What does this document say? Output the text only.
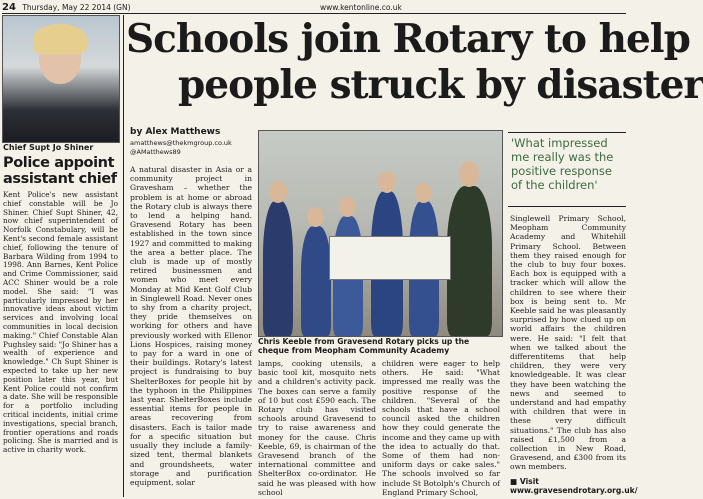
24 Thursday, May 22 2014 (GN)	www.kentonline.co.uk
Chief Supt Jo Shiner
Police appoint assistant chief
Kent Police's new assistant chief constable will be Jo Shiner. Chief Supt Shiner, 42, now chief superintendent of Norfolk Constabulary, will be Kent's second female assistant chief, following the tenure of Barbara Wilding from 1994 to 1998. Ann Barnes, Kent Police and Crime Commissioner, said ACC Shiner would be a role model. She said: "I was particularly impressed by her innovative ideas about victim services and involving local communities in local decision making." Chief Constable Alan Pughsley said: "Jo Shiner has a wealth of experience and knowledge." Ch Supt Shiner is expected to take up her new position later this year, but Kent Police could not confirm a date. She will be responsible for a portfolio including critical incidents, initial crime investigations, special branch, frontier operations and roads policing. She is married and is active in charity work.
Schools join Rotary to help
people struck by disaster
by Alex Matthews
amatthews@thekmgroup.co.uk
@AMatthews89
A natural disaster in Asia or a community project in Gravesham – whether the problem is at home or abroad the Rotary club is always there to lend a helping hand. Gravesend Rotary has been established in the town since 1927 and committed to making the area a better place. The club is made up of mostly retired businessmen and women who meet every Monday at Mid Kent Golf Club in Singlewell Road. Never ones to shy from a charity project, they pride themselves on working for others and have previously worked with Ellenor Lions Hospices, raising money to pay for a ward in one of their buildings. Rotary's latest project is fundraising to buy ShelterBoxes for people hit by the typhoon in the Philippines last year. ShelterBoxes include essential items for people in areas recovering from disasters. Each is tailor made for a specific situation but usually they include a family-sized tent, thermal blankets and groundsheets, water storage and purification equipment, solar
Chris Keeble from Gravesend Rotary picks up the cheque from Meopham Community Academy
lamps, cooking utensils, a basic tool kit, mosquito nets and a children's activity pack. The boxes can serve a family of 10 but cost £590 each. The Rotary club has visited schools around Gravesend to try to raise awareness and money for the cause. Chris Keeble, 69, is chairman of the Gravesend branch of the international committee and ShelterBox co-ordinator. He said he was pleased with how school
children were eager to help others. He said: "What impressed me really was the positive response of the children. "Several of the schools that have a school council asked the children how they could generate the income and they came up with the idea to actually do that. Some of them had non-uniform days or cake sales." The schools involved so far include St Botolph's Church of England Primary School,
'What impressed me really was the positive response of the children'
Singlewell Primary School, Meopham Community Academy and Whitehill Primary School. Between them they raised enough for the club to buy four boxes. Each box is equipped with a tracker which will allow the children to see where their box is being sent to. Mr Keeble said he was pleasantly surprised by how clued up on world affairs the children were. He said: "I felt that when we talked about the differentitems that help children, they were very knowledgeable. It was clear they have been watching the news and seemed to understand and had empathy with children that were in these very difficult situations." The club has also raised £1,500 from a collection in New Road, Gravesend, and £300 from its own members.
■ Visit www.gravesendrotary.org.uk/
